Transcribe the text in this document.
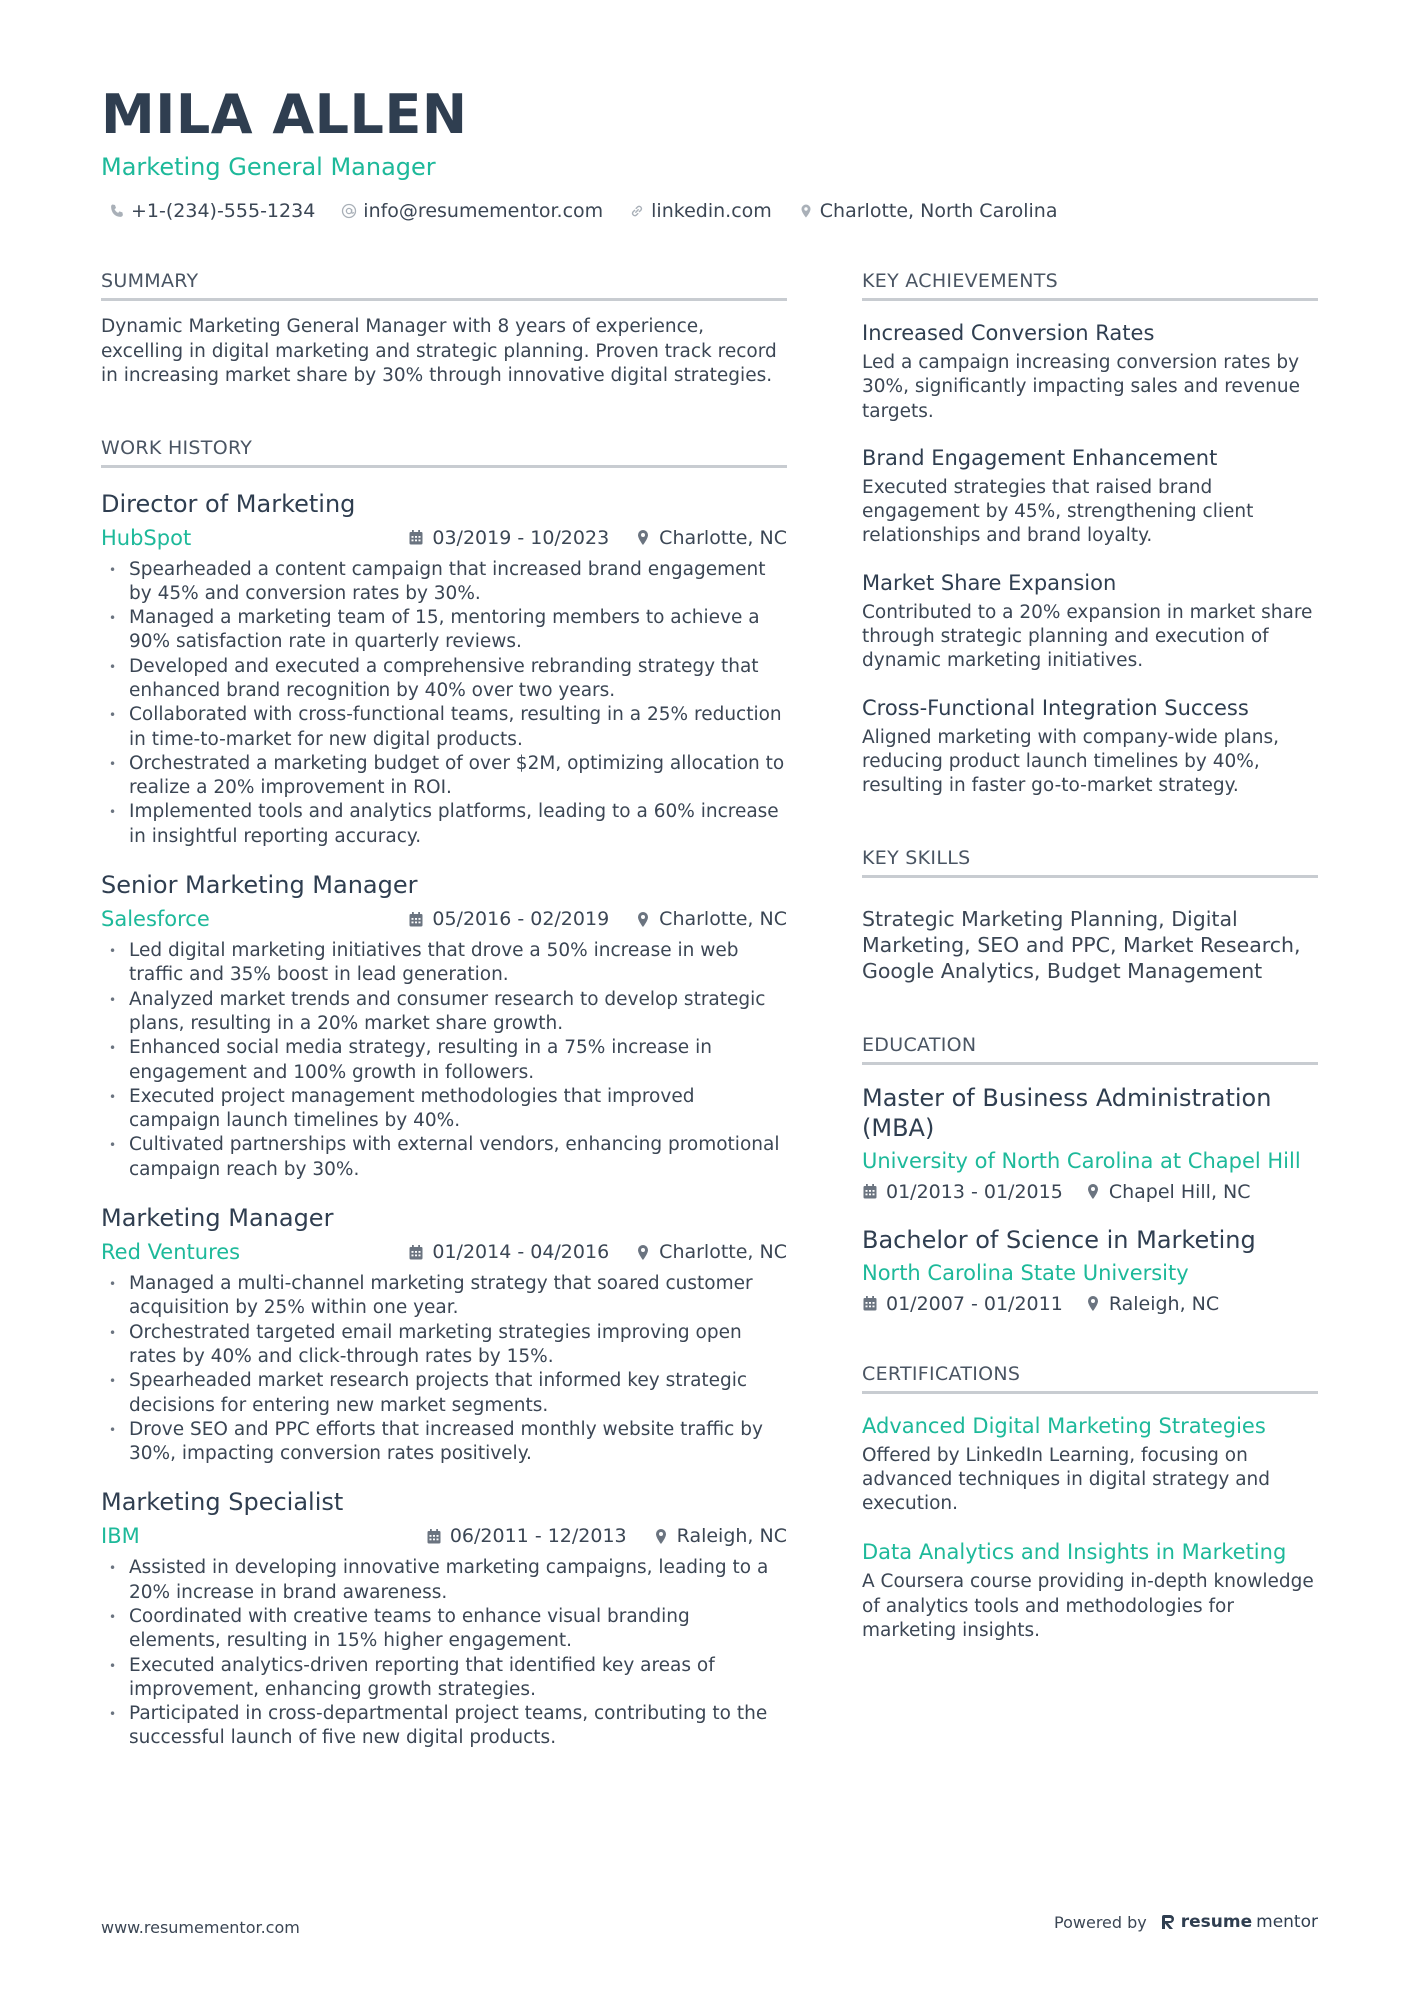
MILA ALLEN
Marketing General Manager
+1-(234)-555-1234	info@resumementor.com	linkedin.com	Charlotte, North Carolina
SUMMARY
Dynamic Marketing General Manager with 8 years of experience, excelling in digital marketing and strategic planning. Proven track record in increasing market share by 30% through innovative digital strategies.
WORK HISTORY
Director of Marketing
HubSpot	03/2019 - 10/2023	Charlotte, NC
• Spearheaded a content campaign that increased brand engagement by 45% and conversion rates by 30%.
• Managed a marketing team of 15, mentoring members to achieve a 90% satisfaction rate in quarterly reviews.
• Developed and executed a comprehensive rebranding strategy that enhanced brand recognition by 40% over two years.
• Collaborated with cross-functional teams, resulting in a 25% reduction in time-to-market for new digital products.
• Orchestrated a marketing budget of over $2M, optimizing allocation to realize a 20% improvement in ROI.
• Implemented tools and analytics platforms, leading to a 60% increase in insightful reporting accuracy.
Senior Marketing Manager
Salesforce	05/2016 - 02/2019	Charlotte, NC
• Led digital marketing initiatives that drove a 50% increase in web traffic and 35% boost in lead generation.
• Analyzed market trends and consumer research to develop strategic plans, resulting in a 20% market share growth.
• Enhanced social media strategy, resulting in a 75% increase in engagement and 100% growth in followers.
• Executed project management methodologies that improved campaign launch timelines by 40%.
• Cultivated partnerships with external vendors, enhancing promotional campaign reach by 30%.
Marketing Manager
Red Ventures	01/2014 - 04/2016	Charlotte, NC
• Managed a multi-channel marketing strategy that soared customer acquisition by 25% within one year.
• Orchestrated targeted email marketing strategies improving open rates by 40% and click-through rates by 15%.
• Spearheaded market research projects that informed key strategic decisions for entering new market segments.
• Drove SEO and PPC efforts that increased monthly website traffic by 30%, impacting conversion rates positively.
Marketing Specialist
IBM	06/2011 - 12/2013	Raleigh, NC
• Assisted in developing innovative marketing campaigns, leading to a 20% increase in brand awareness.
• Coordinated with creative teams to enhance visual branding elements, resulting in 15% higher engagement.
• Executed analytics-driven reporting that identified key areas of improvement, enhancing growth strategies.
• Participated in cross-departmental project teams, contributing to the successful launch of five new digital products.
KEY ACHIEVEMENTS
Increased Conversion Rates
Led a campaign increasing conversion rates by 30%, significantly impacting sales and revenue targets.
Brand Engagement Enhancement
Executed strategies that raised brand engagement by 45%, strengthening client relationships and brand loyalty.
Market Share Expansion
Contributed to a 20% expansion in market share through strategic planning and execution of dynamic marketing initiatives.
Cross-Functional Integration Success
Aligned marketing with company-wide plans, reducing product launch timelines by 40%, resulting in faster go-to-market strategy.
KEY SKILLS
Strategic Marketing Planning, Digital Marketing, SEO and PPC, Market Research, Google Analytics, Budget Management
EDUCATION
Master of Business Administration (MBA)
University of North Carolina at Chapel Hill
01/2013 - 01/2015 Chapel Hill, NC
Bachelor of Science in Marketing
North Carolina State University
01/2007 - 01/2011 Raleigh, NC
CERTIFICATIONS
Advanced Digital Marketing Strategies
Offered by LinkedIn Learning, focusing on advanced techniques in digital strategy and execution.
Data Analytics and Insights in Marketing
A Coursera course providing in-depth knowledge of analytics tools and methodologies for marketing insights.
www.resumementor.com	Powered by resume mentor
